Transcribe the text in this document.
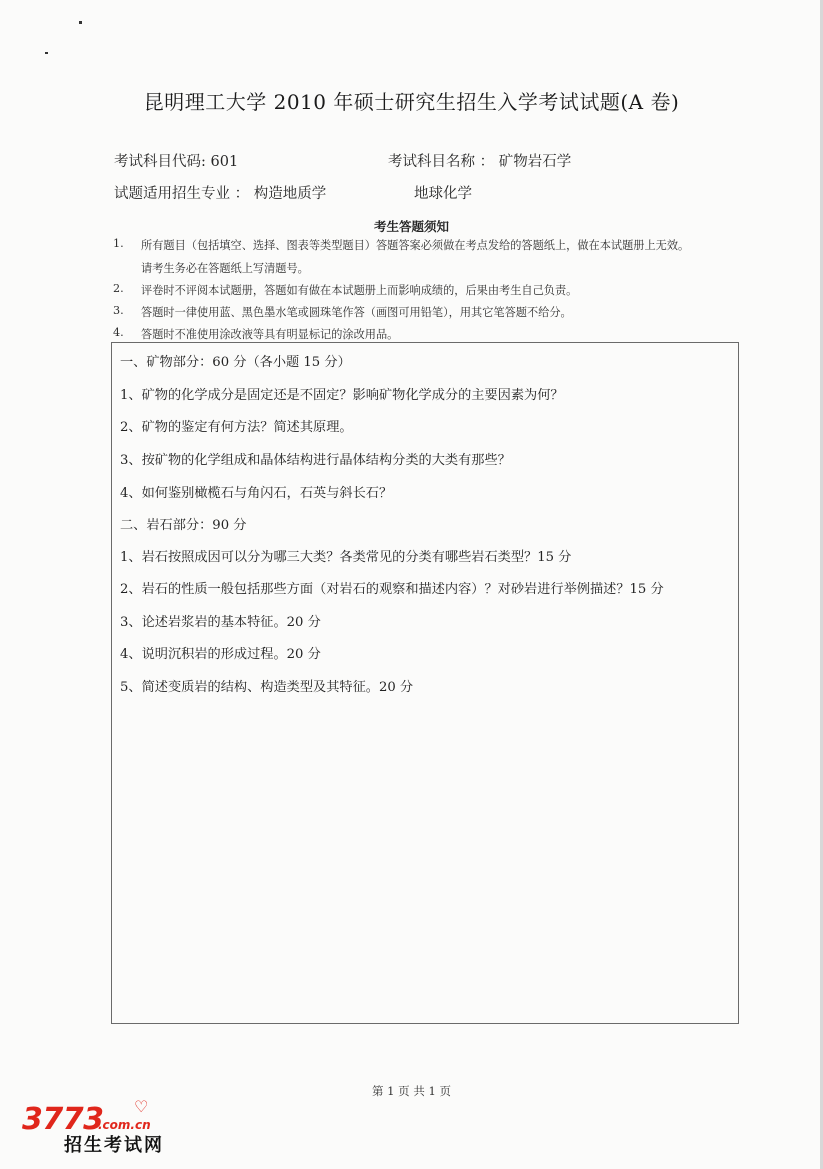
昆明理工大学 2010 年硕士研究生招生入学考试试题(A 卷)
考试科目代码: 601	考试科目名称 ： 矿物岩石学
试题适用招生专业 ： 构造地质学	地球化学
考生答题须知
1. 所有题目（包括填空、选择、图表等类型题目）答题答案必须做在考点发给的答题纸上，做在本试题册上无效。
请考生务必在答题纸上写清题号。
2. 评卷时不评阅本试题册，答题如有做在本试题册上而影响成绩的，后果由考生自己负责。
3. 答题时一律使用蓝、黑色墨水笔或圆珠笔作答（画图可用铅笔），用其它笔答题不给分。
4. 答题时不准使用涂改液等具有明显标记的涂改用品。
一、矿物部分：60 分（各小题 15 分）
1、矿物的化学成分是固定还是不固定？影响矿物化学成分的主要因素为何？
2、矿物的鉴定有何方法？简述其原理。
3、按矿物的化学组成和晶体结构进行晶体结构分类的大类有那些？
4、如何鉴别橄榄石与角闪石，石英与斜长石？
二、岩石部分：90 分
1、岩石按照成因可以分为哪三大类？各类常见的分类有哪些岩石类型？15 分
2、岩石的性质一般包括那些方面（对岩石的观察和描述内容）？对砂岩进行举例描述？15 分
3、论述岩浆岩的基本特征。20 分
4、说明沉积岩的形成过程。20 分
5、简述变质岩的结构、构造类型及其特征。20 分
第 1 页 共 1 页
3773 ♡
.com.cn
招生考试网
